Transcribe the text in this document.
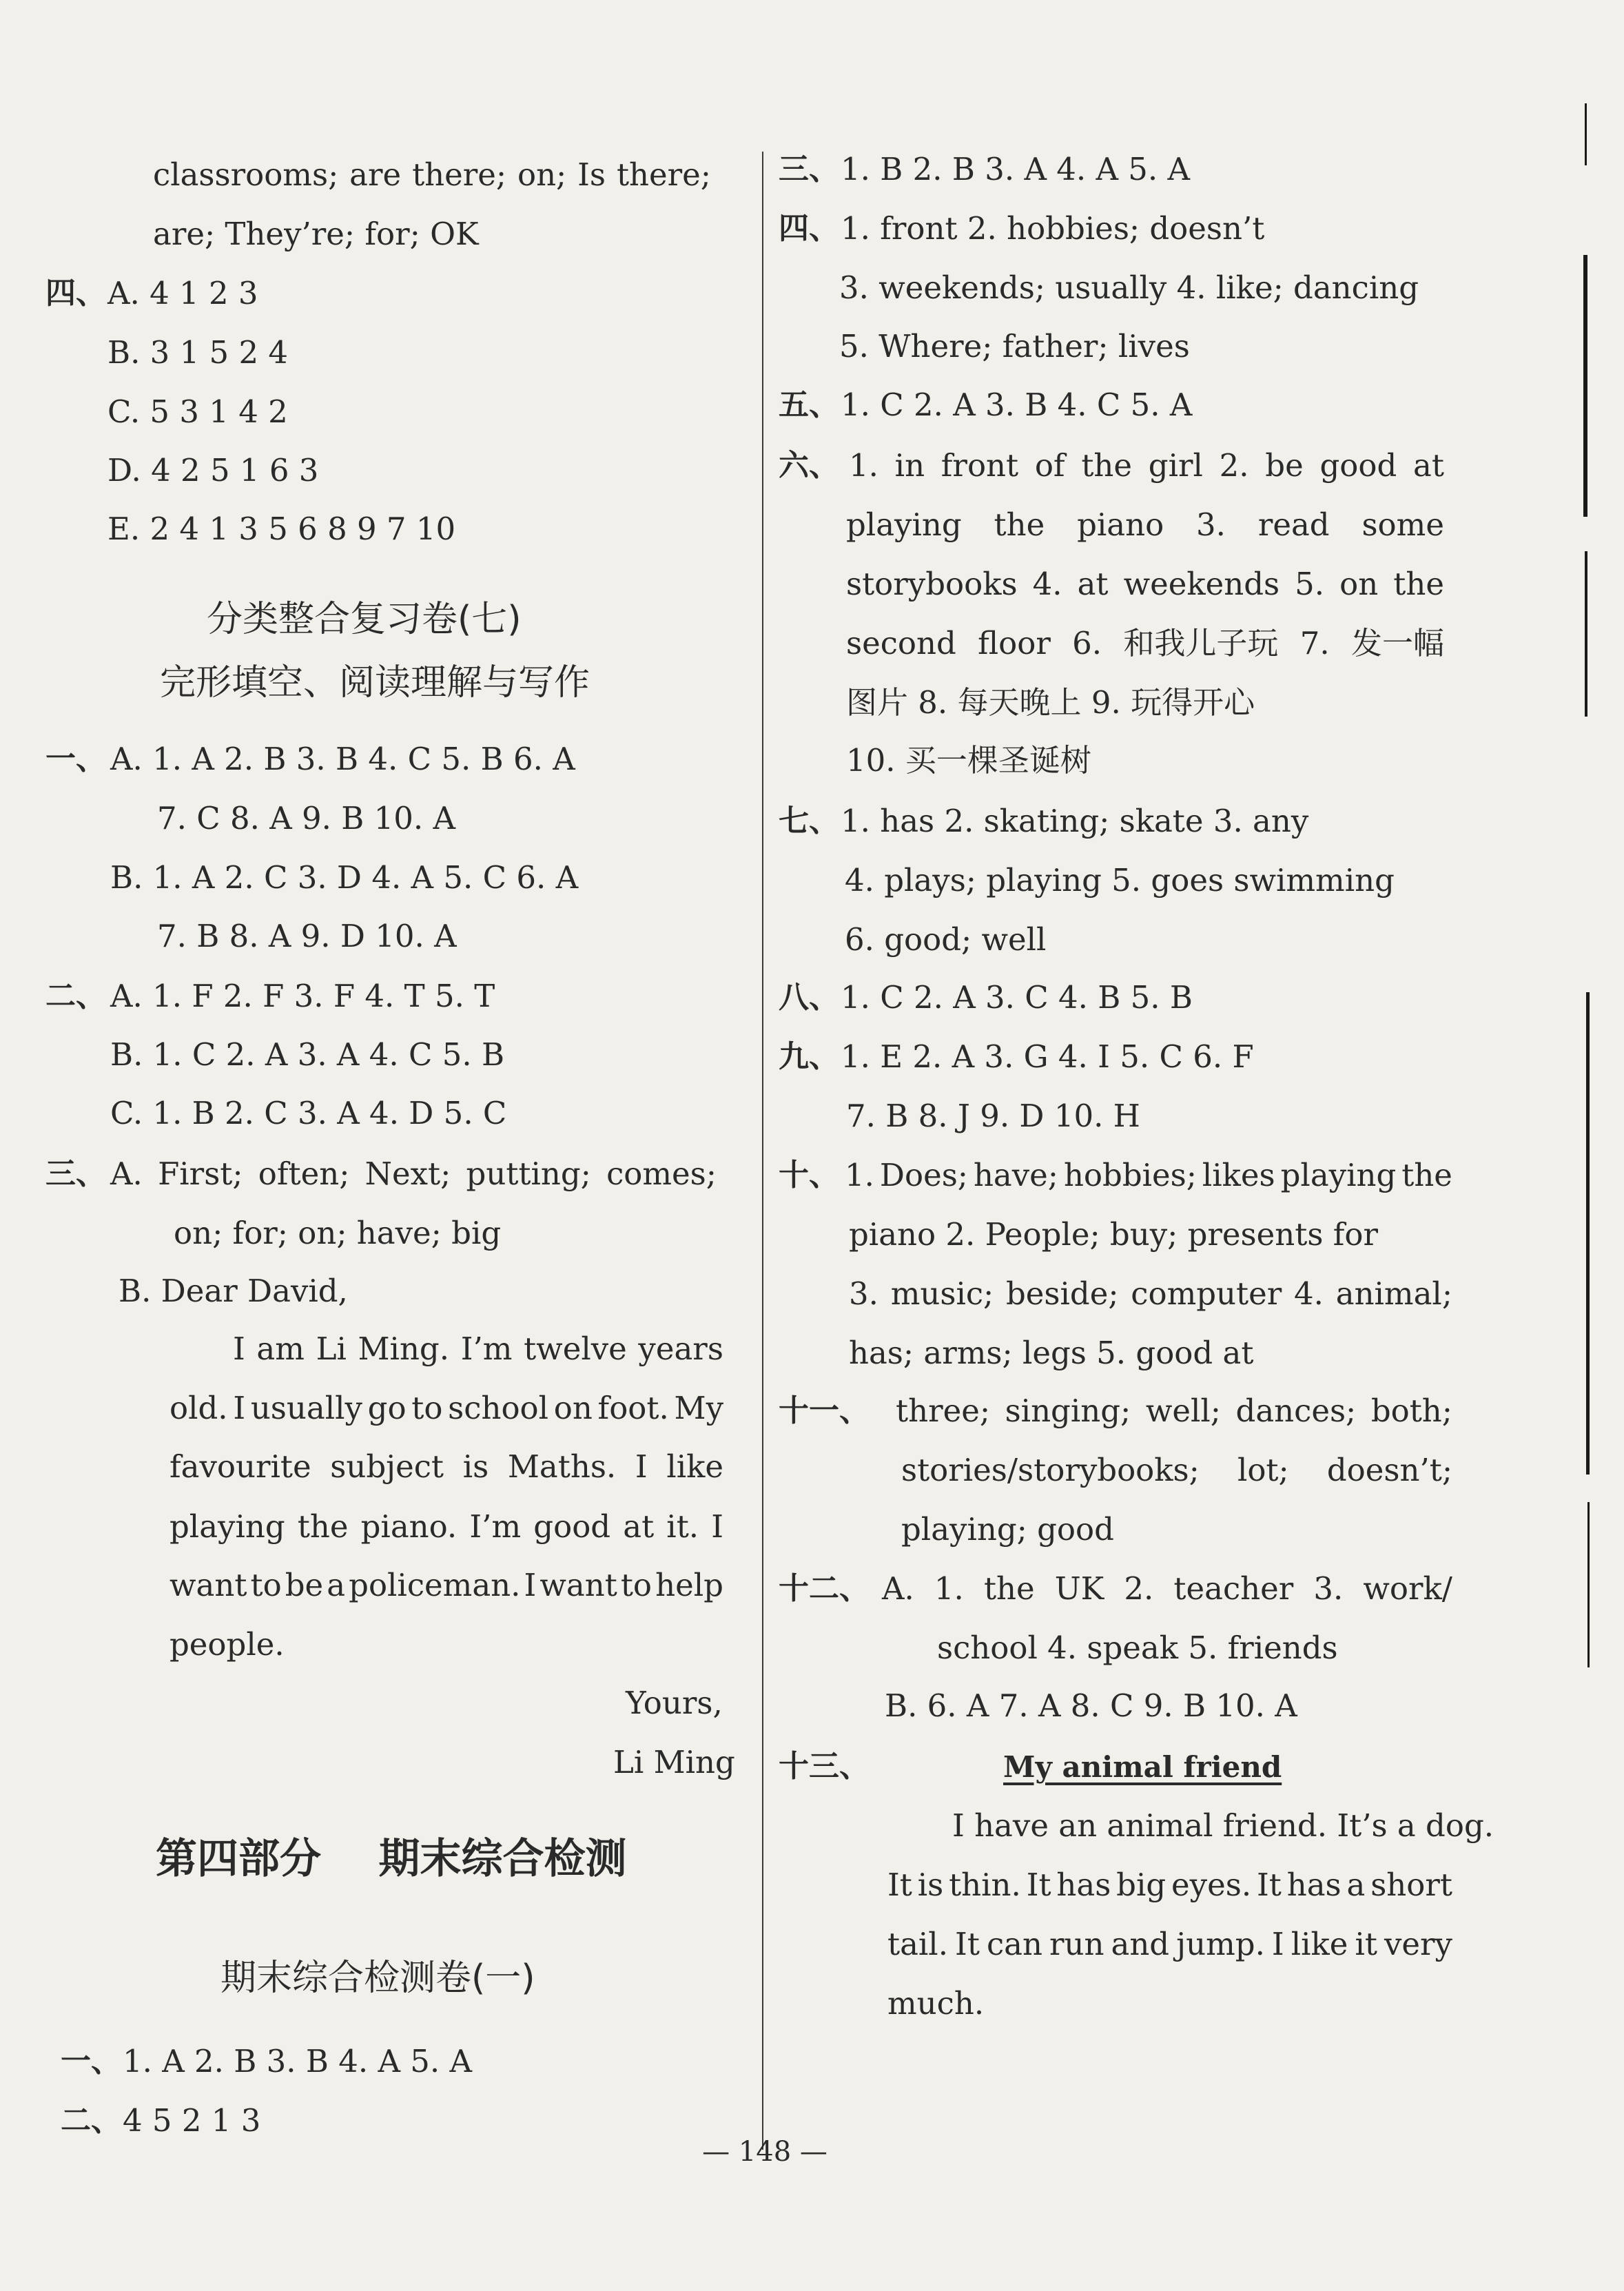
classrooms; are there; on; Is there;
are; They’re; for; OK
四、 A. 4 1 2 3
B. 3 1 5 2 4
C. 5 3 1 4 2
D. 4 2 5 1 6 3
E. 2 4 1 3 5 6 8 9 7 10
分类整合复习卷(七)
完形填空、阅读理解与写作
一、 A. 1. A 2. B 3. B 4. C 5. B 6. A
7. C 8. A 9. B 10. A
B. 1. A 2. C 3. D 4. A 5. C 6. A
7. B 8. A 9. D 10. A
二、 A. 1. F 2. F 3. F 4. T 5. T
B. 1. C 2. A 3. A 4. C 5. B
C. 1. B 2. C 3. A 4. D 5. C
三、 A. First; often; Next; putting; comes;
on; for; on; have; big
B. Dear David,
I am Li Ming. I’m twelve years
old. I usually go to school on foot. My
favourite subject is Maths. I like
playing the piano. I’m good at it. I
want to be a policeman. I want to help
people.
Yours,
Li Ming
第四部分    期末综合检测
期末综合检测卷(一)
一、 1. A 2. B 3. B 4. A 5. A
二、 4 5 2 1 3
三、 1. B 2. B 3. A 4. A 5. A
四、 1. front 2. hobbies; doesn’t
3. weekends; usually 4. like; dancing
5. Where; father; lives
五、 1. C 2. A 3. B 4. C 5. A
六、 1. in front of the girl 2. be good at
playing the piano 3. read some
storybooks 4. at weekends 5. on the
second floor 6. 和我儿子玩 7. 发一幅
图片 8. 每天晚上 9. 玩得开心
10. 买一棵圣诞树
七、 1. has 2. skating; skate 3. any
4. plays; playing 5. goes swimming
6. good; well
八、 1. C 2. A 3. C 4. B 5. B
九、 1. E 2. A 3. G 4. I 5. C 6. F
7. B 8. J 9. D 10. H
十、 1. Does; have; hobbies; likes playing the
piano 2. People; buy; presents for
3. music; beside; computer 4. animal;
has; arms; legs 5. good at
十一、 three; singing; well; dances; both;
stories/storybooks; lot; doesn’t;
playing; good
十二、 A. 1. the UK 2. teacher 3. work/
school 4. speak 5. friends
B. 6. A 7. A 8. C 9. B 10. A
十三、	My animal friend
I have an animal friend. It’s a dog.
It is thin. It has big eyes. It has a short
tail. It can run and jump. I like it very
much.
— 148 —
